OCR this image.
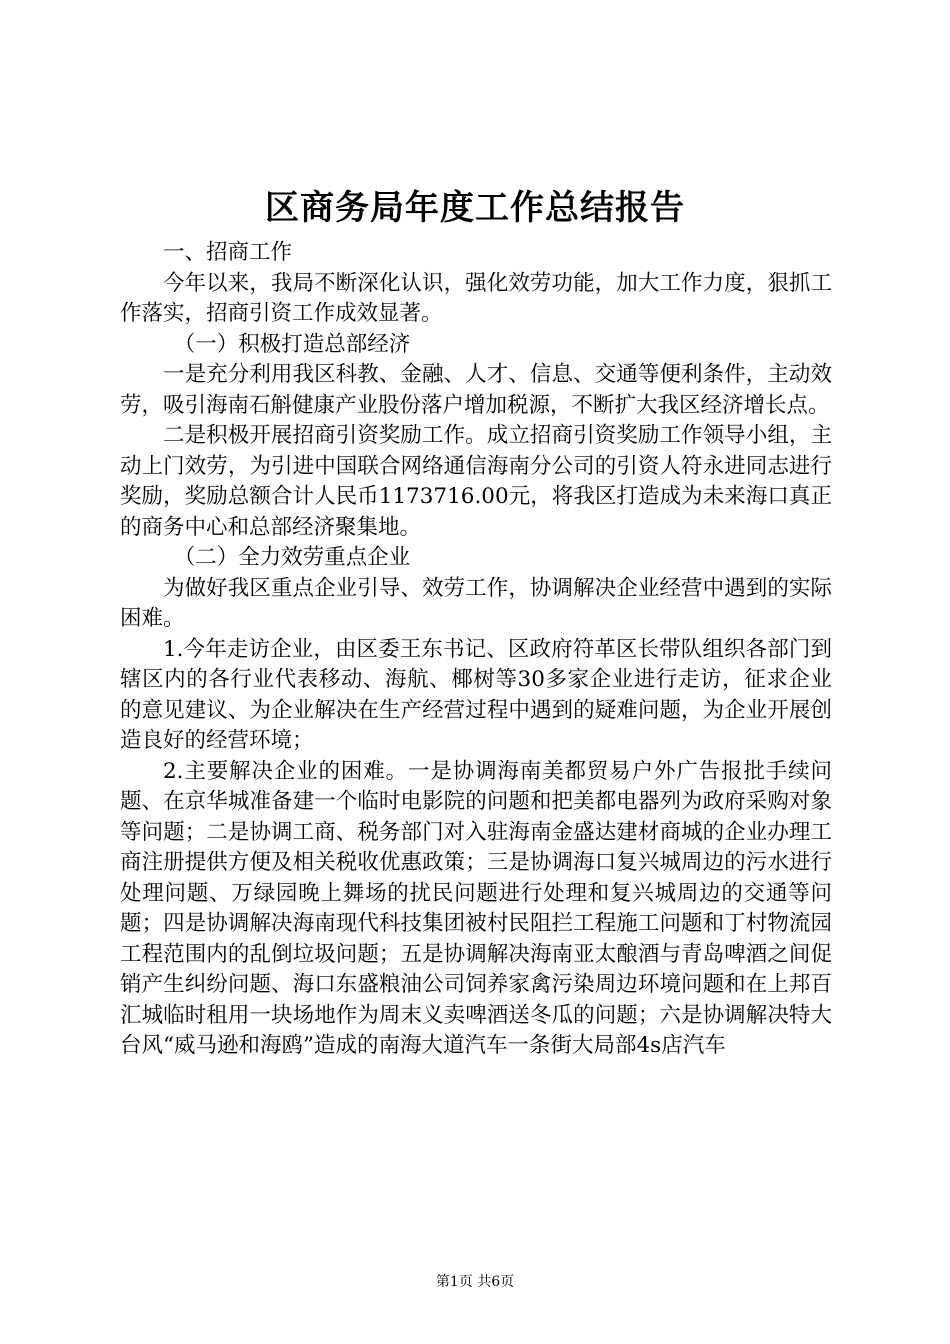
区商务局年度工作总结报告

一、招商工作

今年以来，我局不断深化认识，强化效劳功能，加大工作力度，狠抓工作落实，招商引资工作成效显著。

（一）积极打造总部经济

一是充分利用我区科教、金融、人才、信息、交通等便利条件，主动效劳，吸引海南石斛健康产业股份落户增加税源，不断扩大我区经济增长点。

二是积极开展招商引资奖励工作。成立招商引资奖励工作领导小组，主动上门效劳，为引进中国联合网络通信海南分公司的引资人符永进同志进行奖励，奖励总额合计人民币1173716.00元，将我区打造成为未来海口真正的商务中心和总部经济聚集地。

（二）全力效劳重点企业

为做好我区重点企业引导、效劳工作，协调解决企业经营中遇到的实际困难。

1.今年走访企业，由区委王东书记、区政府符革区长带队组织各部门到辖区内的各行业代表移动、海航、椰树等30多家企业进行走访，征求企业的意见建议、为企业解决在生产经营过程中遇到的疑难问题，为企业开展创造良好的经营环境；

2.主要解决企业的困难。一是协调海南美都贸易户外广告报批手续问题、在京华城准备建一个临时电影院的问题和把美都电器列为政府采购对象等问题；二是协调工商、税务部门对入驻海南金盛达建材商城的企业办理工商注册提供方便及相关税收优惠政策；三是协调海口复兴城周边的污水进行处理问题、万绿园晚上舞场的扰民问题进行处理和复兴城周边的交通等问题；四是协调解决海南现代科技集团被村民阻拦工程施工问题和丁村物流园工程范围内的乱倒垃圾问题；五是协调解决海南亚太酿酒与青岛啤酒之间促销产生纠纷问题、海口东盛粮油公司饲养家禽污染周边环境问题和在上邦百汇城临时租用一块场地作为周末义卖啤酒送冬瓜的问题；六是协调解决特大台风“威马逊和海鸥”造成的南海大道汽车一条街大局部4s店汽车

第1页 共6页
